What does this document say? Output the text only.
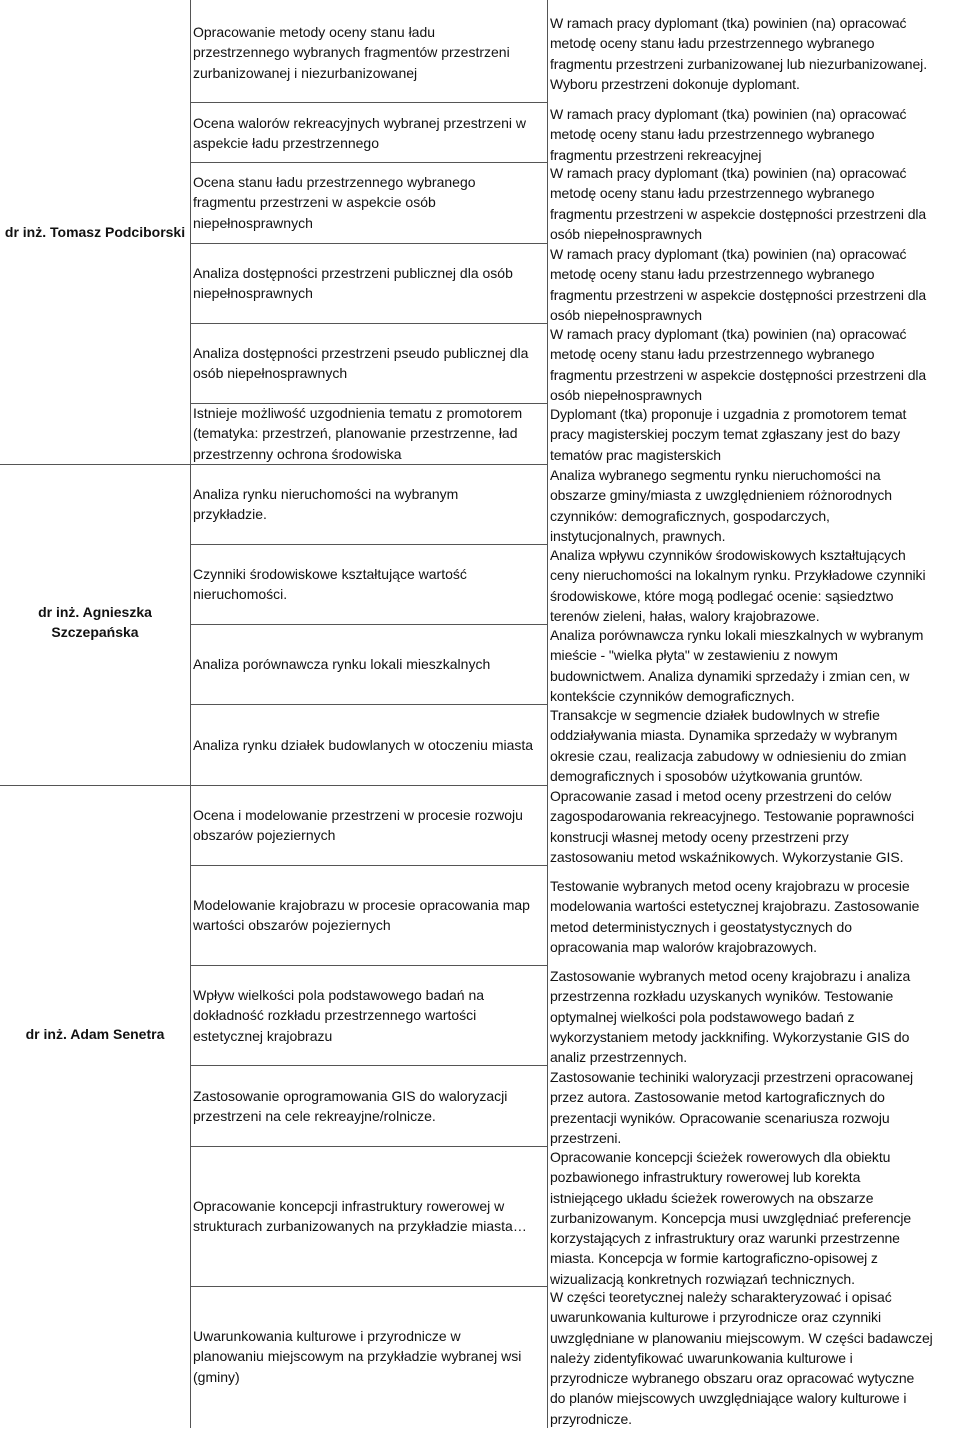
dr inż. Tomasz Podciborski
dr inż. Agnieszka
Szczepańska
dr inż. Adam Senetra
Opracowanie metody oceny stanu ładu
przestrzennego wybranych fragmentów przestrzeni
zurbanizowanej i niezurbanizowanej
Ocena walorów rekreacyjnych wybranej przestrzeni w
aspekcie ładu przestrzennego
Ocena stanu ładu przestrzennego wybranego
fragmentu przestrzeni w aspekcie osób
niepełnosprawnych
Analiza dostępności przestrzeni publicznej dla osób
niepełnosprawnych
Analiza dostępności przestrzeni pseudo publicznej dla
osób niepełnosprawnych
Istnieje możliwość uzgodnienia tematu z promotorem
(tematyka: przestrzeń, planowanie przestrzenne, ład
przestrzenny ochrona środowiska
Analiza rynku nieruchomości na wybranym
przykładzie.
Czynniki środowiskowe kształtujące wartość
nieruchomości.
Analiza porównawcza rynku lokali mieszkalnych
Analiza rynku działek budowlanych w otoczeniu miasta
Ocena i modelowanie przestrzeni w procesie rozwoju
obszarów pojeziernych
Modelowanie krajobrazu w procesie opracowania map
wartości obszarów pojeziernych
Wpływ wielkości pola podstawowego badań na
dokładność rozkładu przestrzennego wartości
estetycznej krajobrazu
Zastosowanie oprogramowania GIS do waloryzacji
przestrzeni na cele rekreayjne/rolnicze.
Opracowanie koncepcji infrastruktury rowerowej w
strukturach zurbanizowanych na przykładzie miasta…
Uwarunkowania kulturowe i przyrodnicze w
planowaniu miejscowym na przykładzie wybranej wsi
(gminy)
W ramach pracy dyplomant (tka) powinien (na) opracować
metodę oceny stanu ładu przestrzennego wybranego
fragmentu przestrzeni zurbanizowanej lub niezurbanizowanej.
Wyboru przestrzeni dokonuje dyplomant.
W ramach pracy dyplomant (tka) powinien (na) opracować
metodę oceny stanu ładu przestrzennego wybranego
fragmentu przestrzeni rekreacyjnej
W ramach pracy dyplomant (tka) powinien (na) opracować
metodę oceny stanu ładu przestrzennego wybranego
fragmentu przestrzeni w aspekcie dostępności przestrzeni dla
osób niepełnosprawnych
W ramach pracy dyplomant (tka) powinien (na) opracować
metodę oceny stanu ładu przestrzennego wybranego
fragmentu przestrzeni w aspekcie dostępności przestrzeni dla
osób niepełnosprawnych
W ramach pracy dyplomant (tka) powinien (na) opracować
metodę oceny stanu ładu przestrzennego wybranego
fragmentu przestrzeni w aspekcie dostępności przestrzeni dla
osób niepełnosprawnych
Dyplomant (tka) proponuje i uzgadnia z promotorem temat
pracy magisterskiej poczym temat zgłaszany jest do bazy
tematów prac magisterskich
Analiza wybranego segmentu rynku nieruchomości na
obszarze gminy/miasta z uwzględnieniem różnorodnych
czynników: demograficznych, gospodarczych,
instytucjonalnych, prawnych.
Analiza wpływu czynników środowiskowych kształtujących
ceny nieruchomości na lokalnym rynku. Przykładowe czynniki
środowiskowe, które mogą podlegać ocenie: sąsiedztwo
terenów zieleni, hałas, walory krajobrazowe.
Analiza porównawcza rynku lokali mieszkalnych w wybranym
mieście - "wielka płyta" w zestawieniu z nowym
budownictwem. Analiza dynamiki sprzedaży i zmian cen, w
kontekście czynników demograficznych.
Transakcje w segmencie działek budowlnych w strefie
oddziaływania miasta. Dynamika sprzedaży w wybranym
okresie czau, realizacja zabudowy w odniesieniu do zmian
demograficznych i sposobów użytkowania gruntów.
Opracowanie zasad i metod oceny przestrzeni do celów
zagospodarowania rekreacyjnego. Testowanie poprawności
konstrucji własnej metody oceny przestrzeni przy
zastosowaniu metod wskaźnikowych. Wykorzystanie GIS.
Testowanie wybranych metod oceny krajobrazu w procesie
modelowania wartości estetycznej krajobrazu. Zastosowanie
metod deterministycznych i geostatystycznych do
opracowania map walorów krajobrazowych.
Zastosowanie wybranych metod oceny krajobrazu i analiza
przestrzenna rozkładu uzyskanych wyników. Testowanie
optymalnej wielkości pola podstawowego badań z
wykorzystaniem metody jackknifing. Wykorzystanie GIS do
analiz przestrzennych.
Zastosowanie techiniki waloryzacji przestrzeni opracowanej
przez autora. Zastosowanie metod kartograficznych do
prezentacji wyników. Opracowanie scenariusza rozwoju
przestrzeni.
Opracowanie koncepcji ścieżek rowerowych dla obiektu
pozbawionego infrastruktury rowerowej lub korekta
istniejącego układu ścieżek rowerowych na obszarze
zurbanizowanym. Koncepcja musi uwzględniać preferencje
korzystających z infrastruktury oraz warunki przestrzenne
miasta. Koncepcja w formie kartograficzno-opisowej z
wizualizacją konkretnych rozwiązań technicznych.
W części teoretycznej należy scharakteryzować i opisać
uwarunkowania kulturowe i przyrodnicze oraz czynniki
uwzględniane w planowaniu miejscowym. W części badawczej
należy zidentyfikować uwarunkowania kulturowe i
przyrodnicze wybranego obszaru oraz opracować wytyczne
do planów miejscowych uwzględniające walory kulturowe i
przyrodnicze.
